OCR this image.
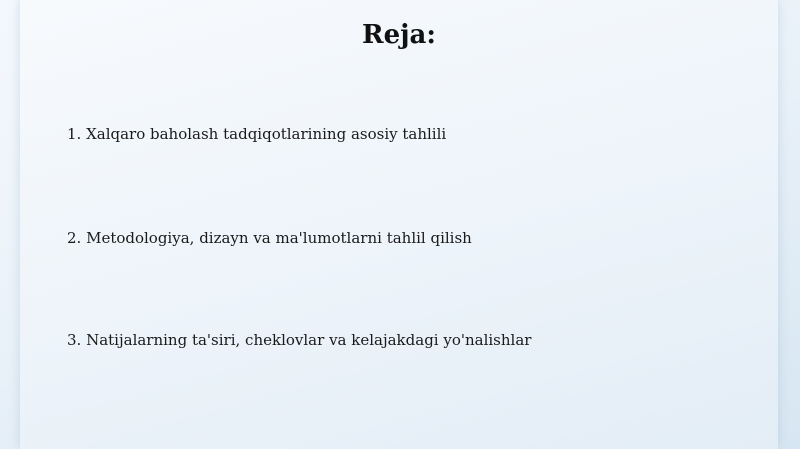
Reja:
1. Xalqaro baholash tadqiqotlarining asosiy tahlili
2. Metodologiya, dizayn va ma'lumotlarni tahlil qilish
3. Natijalarning ta'siri, cheklovlar va kelajakdagi yo'nalishlar
